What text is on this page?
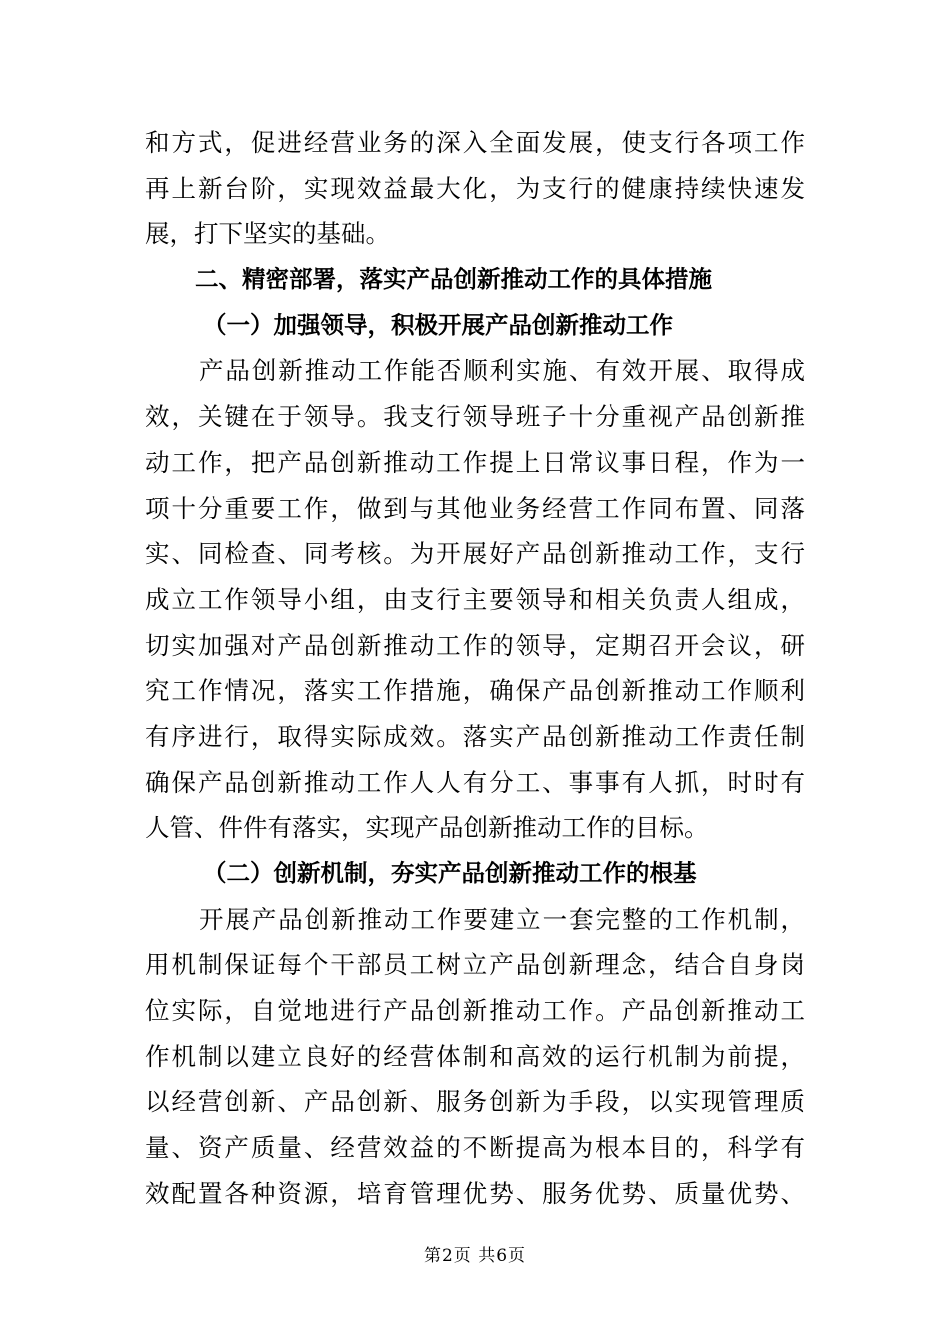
和方式，促进经营业务的深入全面发展，使支行各项工作
再上新台阶，实现效益最大化，为支行的健康持续快速发
展，打下坚实的基础。
二、精密部署，落实产品创新推动工作的具体措施
（一）加强领导，积极开展产品创新推动工作
产品创新推动工作能否顺利实施、有效开展、取得成
效，关键在于领导。我支行领导班子十分重视产品创新推
动工作，把产品创新推动工作提上日常议事日程，作为一
项十分重要工作，做到与其他业务经营工作同布置、同落
实、同检查、同考核。为开展好产品创新推动工作，支行
成立工作领导小组，由支行主要领导和相关负责人组成，
切实加强对产品创新推动工作的领导，定期召开会议，研
究工作情况，落实工作措施，确保产品创新推动工作顺利
有序进行，取得实际成效。落实产品创新推动工作责任制
确保产品创新推动工作人人有分工、事事有人抓，时时有
人管、件件有落实，实现产品创新推动工作的目标。
（二）创新机制，夯实产品创新推动工作的根基
开展产品创新推动工作要建立一套完整的工作机制，
用机制保证每个干部员工树立产品创新理念，结合自身岗
位实际，自觉地进行产品创新推动工作。产品创新推动工
作机制以建立良好的经营体制和高效的运行机制为前提，
以经营创新、产品创新、服务创新为手段，以实现管理质
量、资产质量、经营效益的不断提高为根本目的，科学有
效配置各种资源，培育管理优势、服务优势、质量优势、
第2页 共6页
